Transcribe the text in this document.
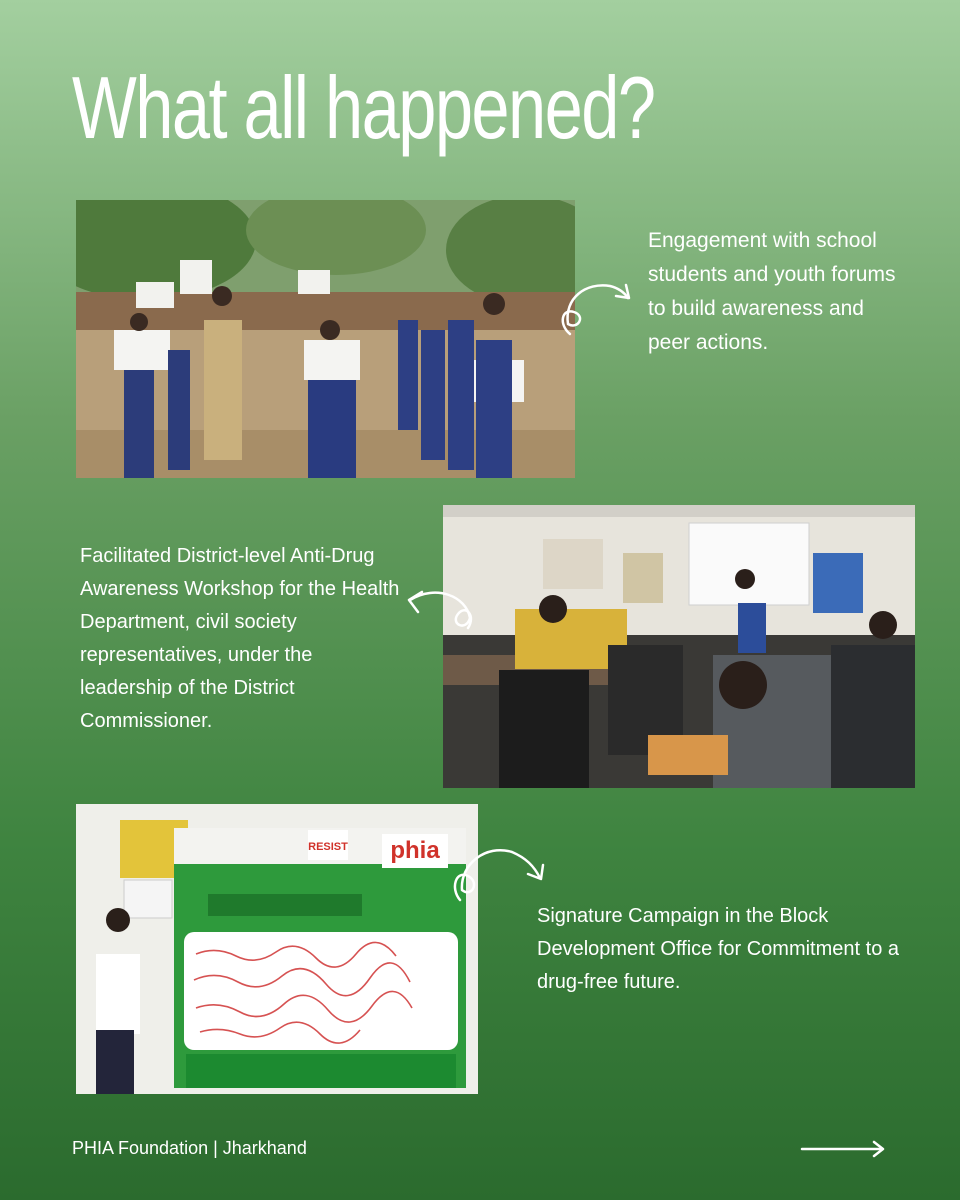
What all happened?

Engagement with school students and youth forums to build awareness and peer actions.

Facilitated District-level Anti-Drug Awareness Workshop for the Health Department, civil society representatives, under the leadership of the District Commissioner.

RESIST phia

Signature Campaign in the Block Development Office for Commitment to a drug-free future.

PHIA Foundation | Jharkhand
